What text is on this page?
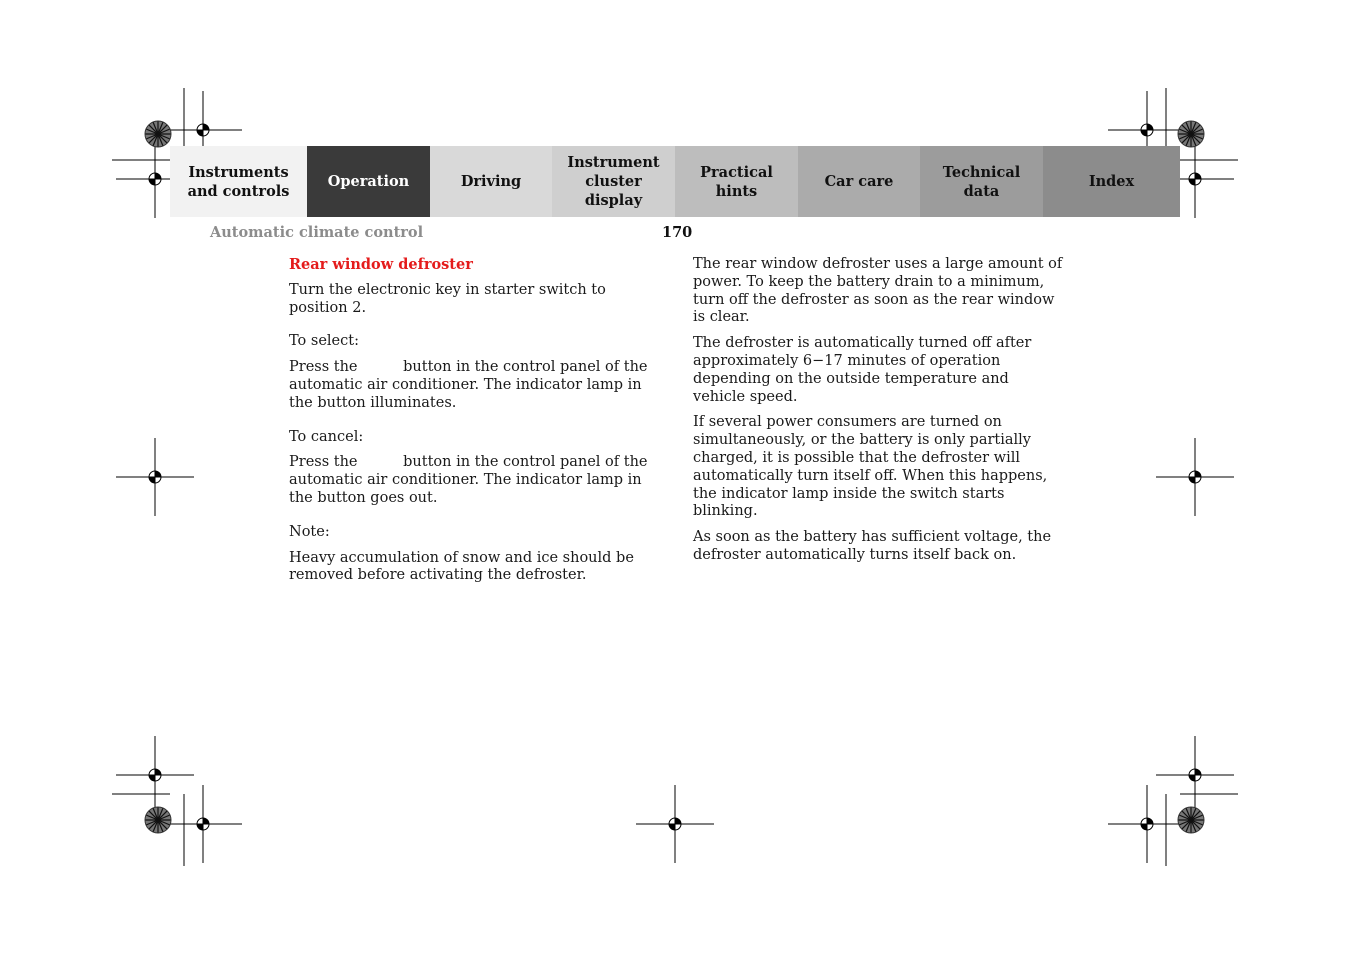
Instruments
and controls
Operation	Driving
Instrument
cluster display
Practical hints
Car care
Technical
data
Index
Automatic climate control	170

Rear window defroster

Turn the electronic key in starter switch to position 2.

To select:

Press the	button in the control panel of the automatic air conditioner. The indicator lamp in the button illuminates.

To cancel:

Press the	button in the control panel of the automatic air conditioner. The indicator lamp in the button goes out.

Note:

Heavy accumulation of snow and ice should be removed before activating the defroster.

The rear window defroster uses a large amount of power. To keep the battery drain to a minimum, turn off the defroster as soon as the rear window is clear.

The defroster is automatically turned off after approximately 6−17 minutes of operation depending on the outside temperature and vehicle speed.

If several power consumers are turned on simultaneously, or the battery is only partially charged, it is possible that the defroster will automatically turn itself off. When this happens, the indicator lamp inside the switch starts blinking.

As soon as the battery has sufficient voltage, the defroster automatically turns itself back on.
